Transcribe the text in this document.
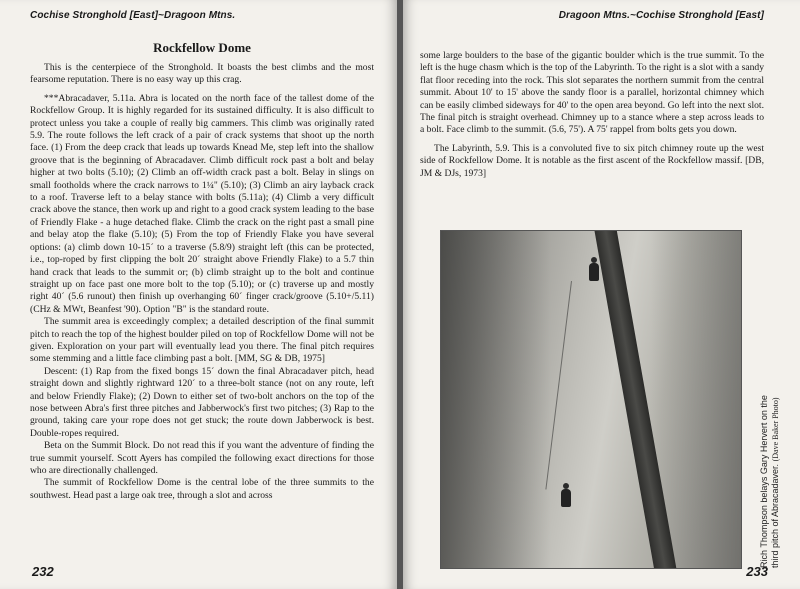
Cochise Stronghold [East]~Dragoon Mtns.
Rockfellow Dome

This is the centerpiece of the Stronghold. It boasts the best climbs and the most fearsome reputation. There is no easy way up this crag.

***Abracadaver, 5.11a. Abra is located on the north face of the tallest dome of the Rockfellow Group. It is highly regarded for its sustained difficulty. It is also difficult to protect unless you take a couple of really big cammers. This climb was originally rated 5.9. The route follows the left crack of a pair of crack systems that shoot up the north face. (1) From the deep crack that leads up towards Knead Me, step left into the shallow groove that is the beginning of Abracadaver. Climb difficult rock past a bolt and belay higher at two bolts (5.10); (2) Climb an off-width crack past a bolt. Belay in slings on small footholds where the crack narrows to 1¼" (5.10); (3) Climb an airy layback crack to a roof. Traverse left to a belay stance with bolts (5.11a); (4) Climb a very difficult crack above the stance, then work up and right to a good crack system leading to the base of Friendly Flake - a huge detached flake. Climb the crack on the right past a small pine and belay atop the flake (5.10); (5) From the top of Friendly Flake you have several options: (a) climb down 10-15´ to a traverse (5.8/9) straight left (this can be protected, i.e., top-roped by first clipping the bolt 20´ straight above Friendly Flake) to a 5.7 thin hand crack that leads to the summit or; (b) climb straight up to the bolt and continue straight up on face past one more bolt to the top (5.10); or (c) traverse up and mostly right 40´ (5.6 runout) then finish up overhanging 60´ finger crack/groove (5.10+/5.11) (CHz & MWt, Beanfest '90). Option "B" is the standard route.

The summit area is exceedingly complex; a detailed description of the final summit pitch to reach the top of the highest boulder piled on top of Rockfellow Dome will not be given. Exploration on your part will eventually lead you there. The final pitch requires some stemming and a little face climbing past a bolt. [MM, SG & DB, 1975]

Descent: (1) Rap from the fixed bongs 15´ down the final Abracadaver pitch, head straight down and slightly rightward 120´ to a three-bolt stance (not on any route, left and below Friendly Flake); (2) Down to either set of two-bolt anchors on the top of the nose between Abra's first three pitches and Jabberwock's first two pitches; (3) Rap to the ground, taking care your rope does not get stuck; the route down Jabberwock is best. Double-ropes required.

Beta on the Summit Block. Do not read this if you want the adventure of finding the true summit yourself. Scott Ayers has compiled the following exact directions for those who are directionally challenged.

The summit of Rockfellow Dome is the central lobe of the three summits to the southwest. Head past a large oak tree, through a slot and across

232
Dragoon Mtns.~Cochise Stronghold [East]

some large boulders to the base of the gigantic boulder which is the true summit. To the left is the huge chasm which is the top of the Labyrinth. To the right is a slot with a sandy flat floor receding into the rock. This slot separates the northern summit from the central summit. About 10' to 15' above the sandy floor is a parallel, horizontal chimney which can be easily climbed sideways for 40' to the open area beyond. Go left into the next slot. The final pitch is straight overhead. Chimney up to a stance where a step across leads to a bolt. Face climb to the summit. (5.6, 75'). A 75' rappel from bolts gets you down.

The Labyrinth, 5.9. This is a convoluted five to six pitch chimney route up the west side of Rockfellow Dome. It is notable as the first ascent of the Rockfellow massif. [DB, JM & DJs, 1973]

Rich Thompson belays Gary Hervert on the third pitch of Abracadaver. (Dave Baker Photo)
233
